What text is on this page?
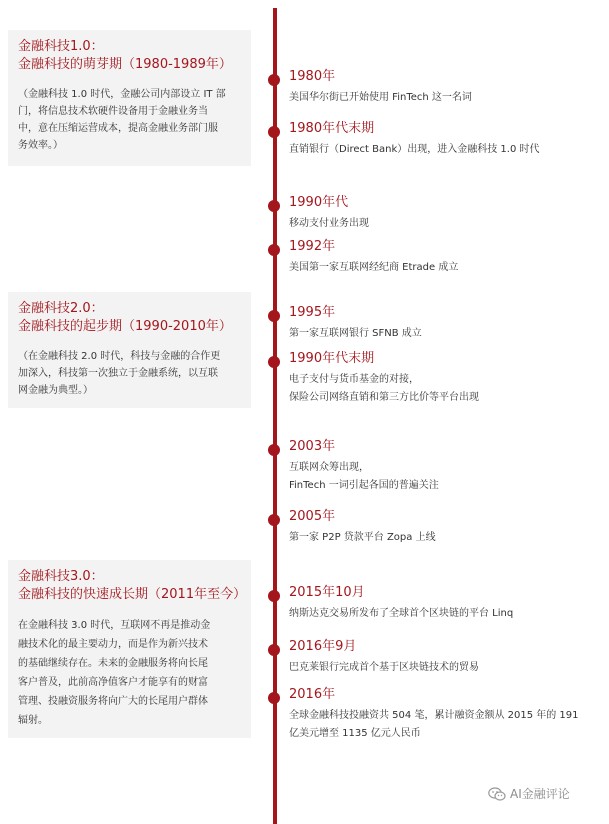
金融科技1.0：
金融科技的萌芽期（1980-1989年）
（金融科技 1.0 时代，金融公司内部设立 IT 部
门，将信息技术软硬件设备用于金融业务当
中，意在压缩运营成本，提高金融业务部门服
务效率。）
金融科技2.0：
金融科技的起步期（1990-2010年）
（在金融科技 2.0 时代，科技与金融的合作更
加深入，科技第一次独立于金融系统，以互联
网金融为典型。）
金融科技3.0：
金融科技的快速成长期（2011年至今）
在金融科技 3.0 时代，互联网不再是推动金
融技术化的最主要动力，而是作为新兴技术
的基础继续存在。未来的金融服务将向长尾
客户普及，此前高净值客户才能享有的财富
管理、投融资服务将向广大的长尾用户群体
辐射。
1980年
美国华尔街已开始使用 FinTech 这一名词
1980年代末期
直销银行（Direct Bank）出现，进入金融科技 1.0 时代
1990年代
移动支付业务出现
1992年
美国第一家互联网经纪商 Etrade 成立
1995年
第一家互联网银行 SFNB 成立
1990年代末期
电子支付与货币基金的对接，
保险公司网络直销和第三方比价等平台出现
2003年
互联网众筹出现，
FinTech 一词引起各国的普遍关注
2005年
第一家 P2P 贷款平台 Zopa 上线
2015年10月
纳斯达克交易所发布了全球首个区块链的平台 Linq
2016年9月
巴克莱银行完成首个基于区块链技术的贸易
2016年
全球金融科技投融资共 504 笔，累计融资金额从 2015 年的 191
亿美元增至 1135 亿元人民币
AI金融评论
